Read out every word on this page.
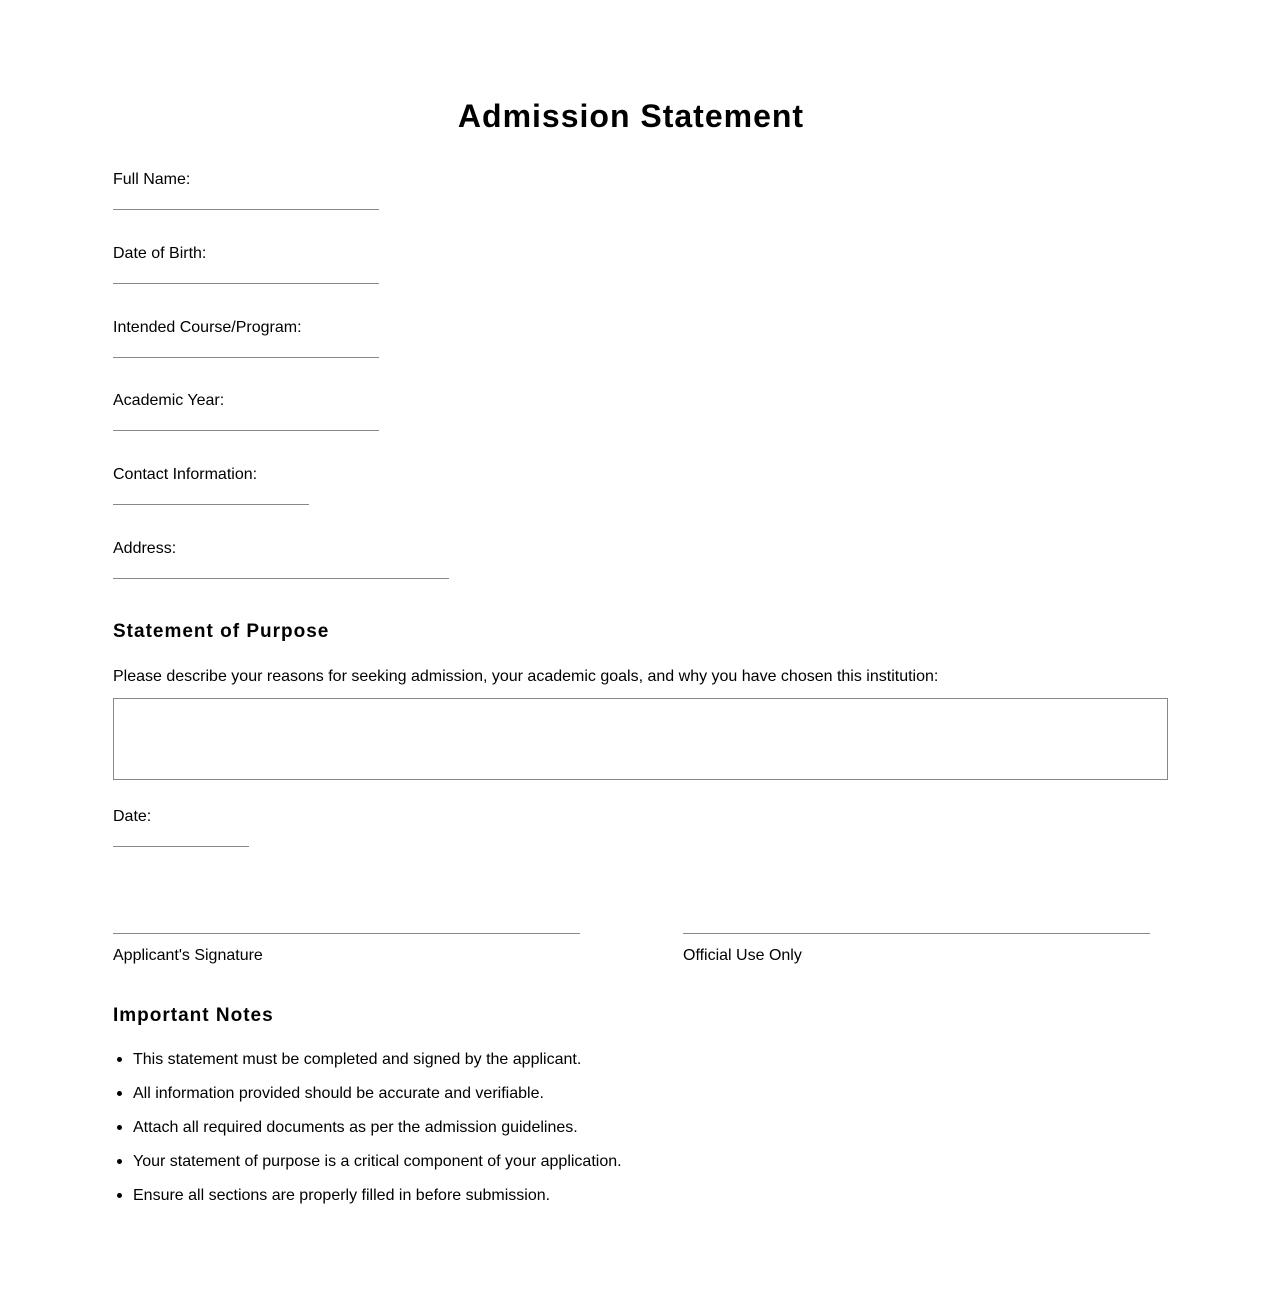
Admission Statement
Full Name:
Date of Birth:
Intended Course/Program:
Academic Year:
Contact Information:
Address:
Statement of Purpose
Please describe your reasons for seeking admission, your academic goals, and why you have chosen this institution:
Date:
Applicant's Signature	Official Use Only
Important Notes
This statement must be completed and signed by the applicant.
All information provided should be accurate and verifiable.
Attach all required documents as per the admission guidelines.
Your statement of purpose is a critical component of your application.
Ensure all sections are properly filled in before submission.
